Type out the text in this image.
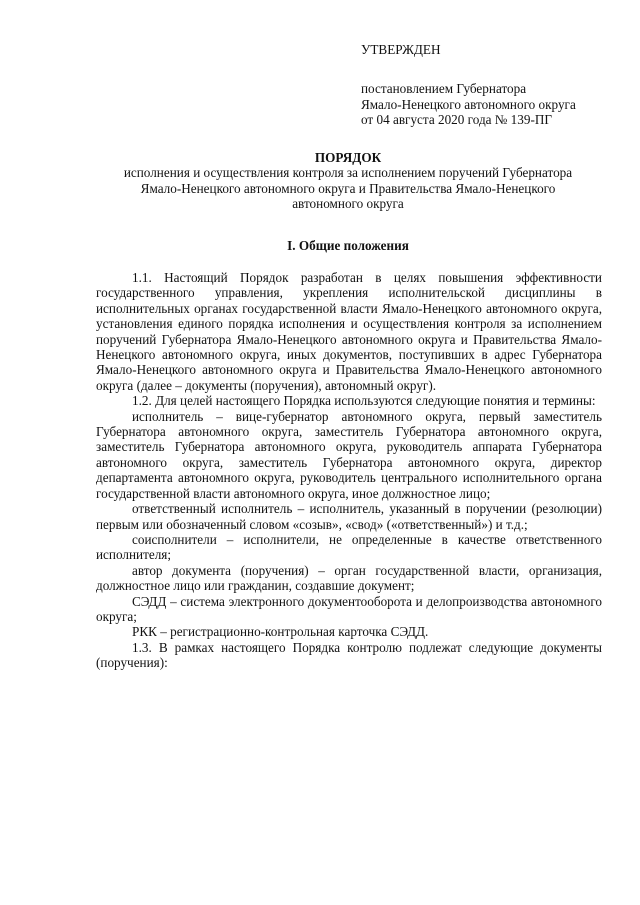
УТВЕРЖДЕН
постановлением Губернатора
Ямало-Ненецкого автономного округа
от 04 августа 2020 года № 139-ПГ
ПОРЯДОК
исполнения и осуществления контроля за исполнением поручений Губернатора
Ямало-Ненецкого автономного округа и Правительства Ямало-Ненецкого
автономного округа
I. Общие положения

1.1. Настоящий Порядок разработан в целях повышения эффективности государственного управления, укрепления исполнительской дисциплины в исполнительных органах государственной власти Ямало-Ненецкого автономного округа, установления единого порядка исполнения и осуществления контроля за исполнением поручений Губернатора Ямало-Ненецкого автономного округа и Правительства Ямало-Ненецкого автономного округа, иных документов, поступивших в адрес Губернатора Ямало-Ненецкого автономного округа и Правительства Ямало-Ненецкого автономного округа (далее – документы (поручения), автономный округ).

1.2. Для целей настоящего Порядка используются следующие понятия и термины:

исполнитель – вице-губернатор автономного округа, первый заместитель Губернатора автономного округа, заместитель Губернатора автономного округа, заместитель Губернатора автономного округа, руководитель аппарата Губернатора автономного округа, заместитель Губернатора автономного округа, директор департамента автономного округа, руководитель центрального исполнительного органа государственной власти автономного округа, иное должностное лицо;

ответственный исполнитель – исполнитель, указанный в поручении (резолюции) первым или обозначенный словом «созыв», «свод» («ответственный») и т.д.;

соисполнители – исполнители, не определенные в качестве ответственного исполнителя;

автор документа (поручения) – орган государственной власти, организация, должностное лицо или гражданин, создавшие документ;

СЭДД – система электронного документооборота и делопроизводства автономного округа;

РКК – регистрационно-контрольная карточка СЭДД.

1.3. В рамках настоящего Порядка контролю подлежат следующие документы (поручения):
